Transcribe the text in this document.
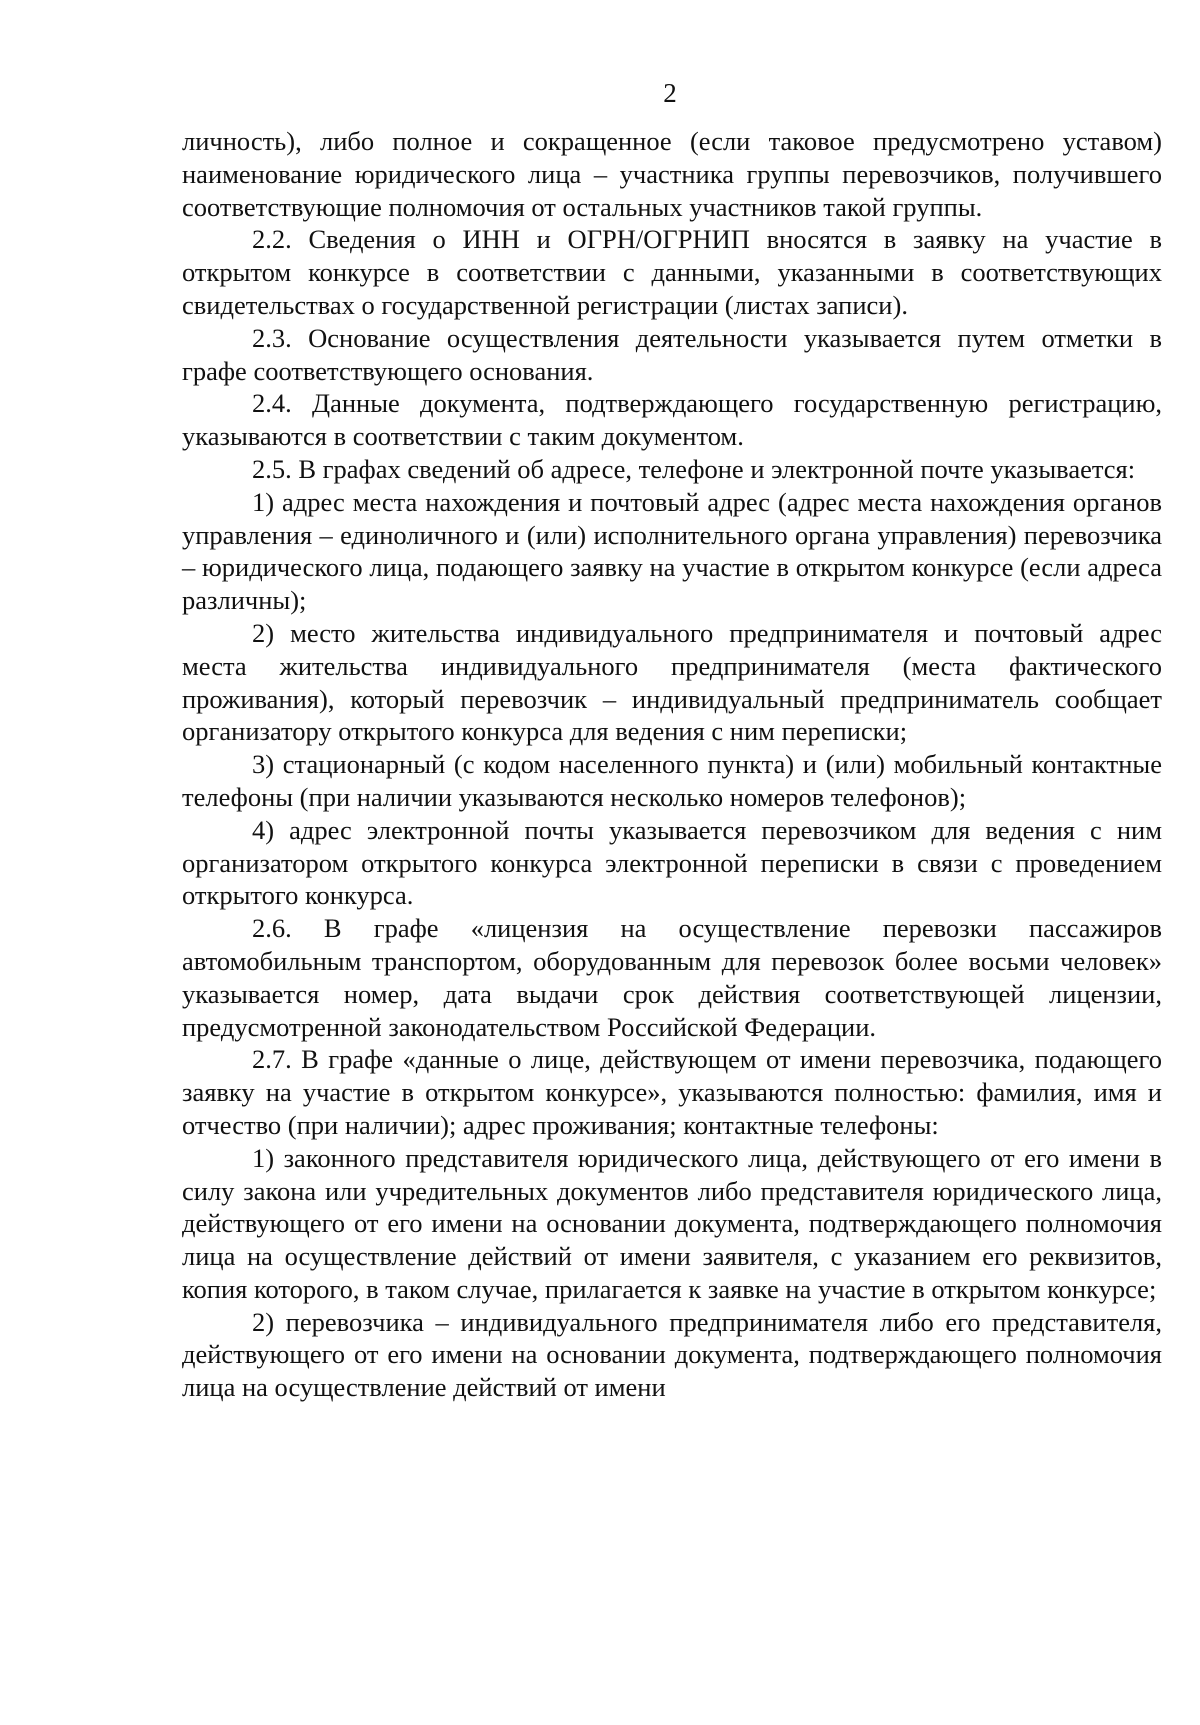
2

личность), либо полное и сокращенное (если таковое предусмотрено уставом) наименование юридического лица – участника группы перевозчиков, получившего соответствующие полномочия от остальных участников такой группы.

2.2. Сведения о ИНН и ОГРН/ОГРНИП вносятся в заявку на участие в открытом конкурсе в соответствии с данными, указанными в соответствующих свидетельствах о государственной регистрации (листах записи).

2.3. Основание осуществления деятельности указывается путем отметки в графе соответствующего основания.

2.4. Данные документа, подтверждающего государственную регистрацию, указываются в соответствии с таким документом.

2.5. В графах сведений об адресе, телефоне и электронной почте указывается:

1) адрес места нахождения и почтовый адрес (адрес места нахождения органов управления – единоличного и (или) исполнительного органа управления) перевозчика – юридического лица, подающего заявку на участие в открытом конкурсе (если адреса различны);

2) место жительства индивидуального предпринимателя и почтовый адрес места жительства индивидуального предпринимателя (места фактического проживания), который перевозчик – индивидуальный предприниматель сообщает организатору открытого конкурса для ведения с ним переписки;

3) стационарный (с кодом населенного пункта) и (или) мобильный контактные телефоны (при наличии указываются несколько номеров телефонов);

4) адрес электронной почты указывается перевозчиком для ведения с ним организатором открытого конкурса электронной переписки в связи с проведением открытого конкурса.

2.6. В графе «лицензия на осуществление перевозки пассажиров автомобильным транспортом, оборудованным для перевозок более восьми человек» указывается номер, дата выдачи срок действия соответствующей лицензии, предусмотренной законодательством Российской Федерации.

2.7. В графе «данные о лице, действующем от имени перевозчика, подающего заявку на участие в открытом конкурсе», указываются полностью: фамилия, имя и отчество (при наличии); адрес проживания; контактные телефоны:

1) законного представителя юридического лица, действующего от его имени в силу закона или учредительных документов либо представителя юридического лица, действующего от его имени на основании документа, подтверждающего полномочия лица на осуществление действий от имени заявителя, с указанием его реквизитов, копия которого, в таком случае, прилагается к заявке на участие в открытом конкурсе;

2) перевозчика – индивидуального предпринимателя либо его представителя, действующего от его имени на основании документа, подтверждающего полномочия лица на осуществление действий от имени
